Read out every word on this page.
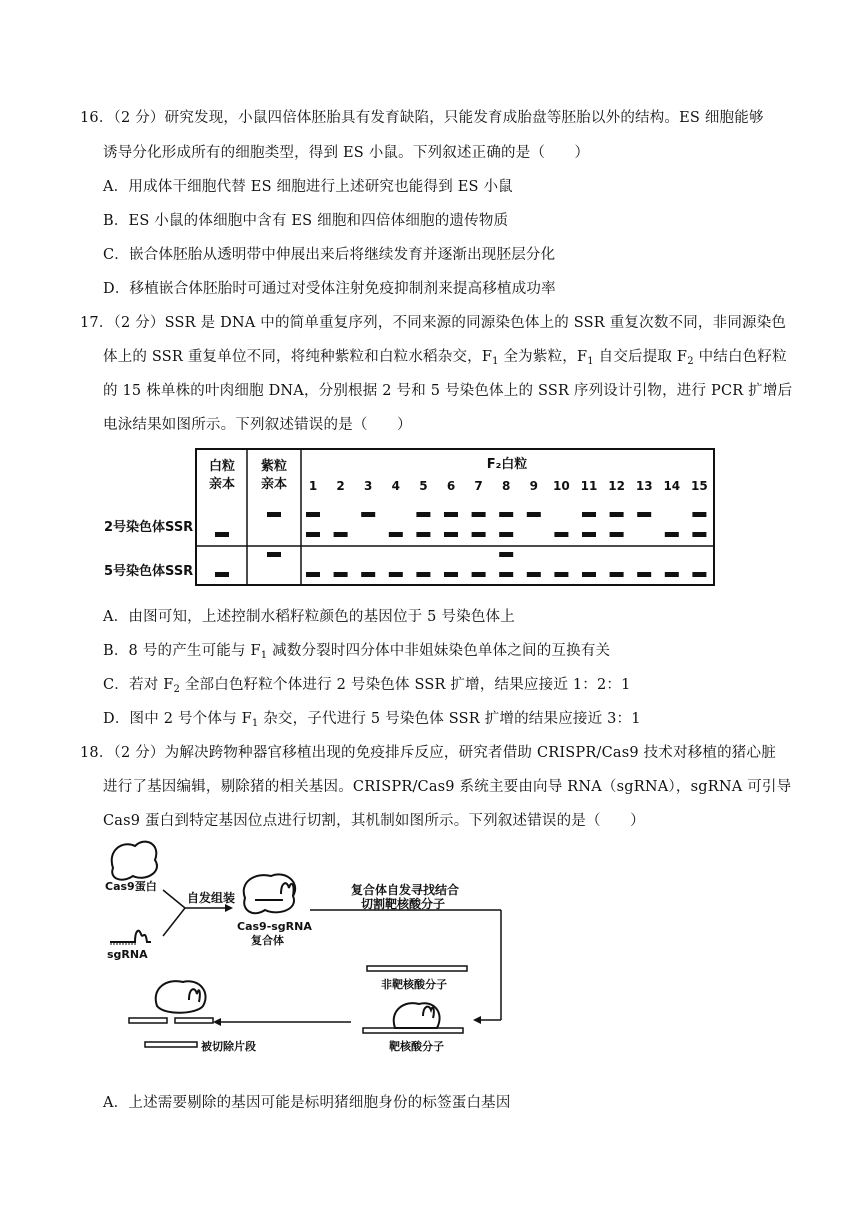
16．（2 分）研究发现，小鼠四倍体胚胎具有发育缺陷，只能发育成胎盘等胚胎以外的结构。ES 细胞能够
诱导分化形成所有的细胞类型，得到 ES 小鼠。下列叙述正确的是（　　）
A．用成体干细胞代替 ES 细胞进行上述研究也能得到 ES 小鼠
B．ES 小鼠的体细胞中含有 ES 细胞和四倍体细胞的遗传物质
C．嵌合体胚胎从透明带中伸展出来后将继续发育并逐渐出现胚层分化
D．移植嵌合体胚胎时可通过对受体注射免疫抑制剂来提高移植成功率
17．（2 分）SSR 是 DNA 中的简单重复序列，不同来源的同源染色体上的 SSR 重复次数不同，非同源染色
体上的 SSR 重复单位不同，将纯种紫粒和白粒水稻杂交，$F_1$ 全为紫粒，$F_1$ 自交后提取 $F_2$ 中结白色籽粒
的 15 株单株的叶肉细胞 DNA，分别根据 2 号和 5 号染色体上的 SSR 序列设计引物，进行 PCR 扩增后
电泳结果如图所示。下列叙述错误的是（　　）
白粒
亲本
紫粒
亲本
F₂白粒
1 2 3 4 5 6 7 8 9 10 11 12 13 14 15
2号染色体SSR
5号染色体SSR
A．由图可知，上述控制水稻籽粒颜色的基因位于 5 号染色体上
B．8 号的产生可能与 $F_1$ 减数分裂时四分体中非姐妹染色单体之间的互换有关
C．若对 $F_2$ 全部白色籽粒个体进行 2 号染色体 SSR 扩增，结果应接近 1：2：1
D．图中 2 号个体与 $F_1$ 杂交，子代进行 5 号染色体 SSR 扩增的结果应接近 3：1
18．（2 分）为解决跨物种器官移植出现的免疫排斥反应，研究者借助 CRISPR/Cas9 技术对移植的猪心脏
进行了基因编辑，剔除猪的相关基因。CRISPR/Cas9 系统主要由向导 RNA（sgRNA），sgRNA 可引导
Cas9 蛋白到特定基因位点进行切割，其机制如图所示。下列叙述错误的是（　　）
Cas9蛋白
sgRNA
自发组装
Cas9-sgRNA
复合体
复合体自发寻找结合
切割靶核酸分子
非靶核酸分子
靶核酸分子
被切除片段
A．上述需要剔除的基因可能是标明猪细胞身份的标签蛋白基因
